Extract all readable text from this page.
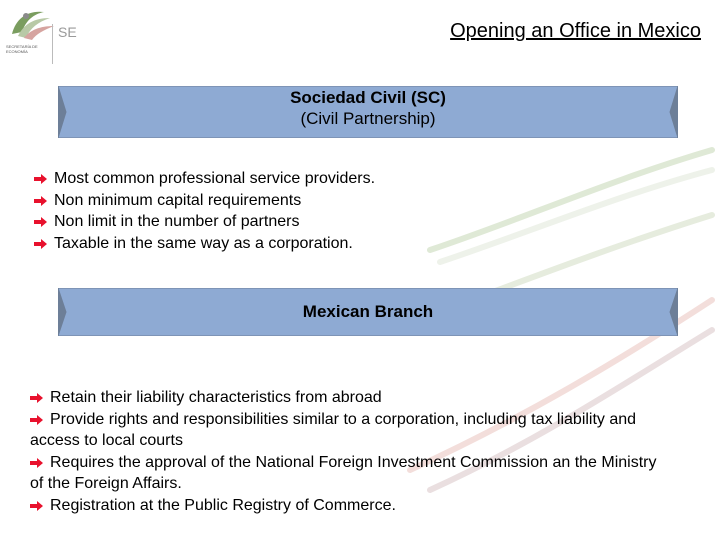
SECRETARÍA DE ECONOMÍA
SE	Opening an Office in Mexico
Sociedad Civil (SC)
(Civil Partnership)
Most common professional service providers.
Non minimum capital requirements
Non limit in the number of partners
Taxable in the same way as a corporation.
Mexican Branch
Retain their liability characteristics from abroad
Provide rights and responsibilities similar to a corporation, including tax liability and access to local courts
Requires the approval of the National Foreign Investment Commission an the Ministry of the Foreign Affairs.
Registration at the Public Registry of Commerce.
